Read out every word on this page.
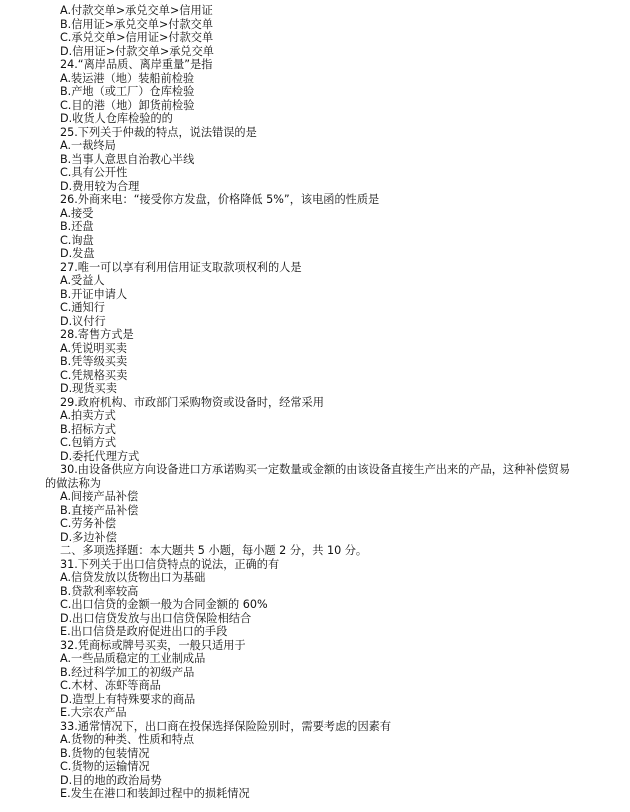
A.付款交单>承兑交单>信用证
B.信用证>承兑交单>付款交单
C.承兑交单>信用证>付款交单
D.信用证>付款交单>承兑交单
24.“离岸品质、离岸重量”是指
A.装运港（地）装船前检验
B.产地（或工厂）仓库检验
C.目的港（地）卸货前检验
D.收货人仓库检验的的
25.下列关于仲裁的特点，说法错误的是
A.一裁终局
B.当事人意思自治教心半线
C.具有公开性
D.费用较为合理
26.外商来电：“接受你方发盘，价格降低 5%”，该电函的性质是
A.接受
B.还盘
C.询盘
D.发盘
27.唯一可以享有利用信用证支取款项权利的人是
A.受益人
B.开证申请人
C.通知行
D.议付行
28.寄售方式是
A.凭说明买卖
B.凭等级买卖
C.凭规格买卖
D.现货买卖
29.政府机构、市政部门采购物资或设备时，经常采用
A.拍卖方式
B.招标方式
C.包销方式
D.委托代理方式
30.由设备供应方向设备进口方承诺购买一定数量或金额的由该设备直接生产出来的产品，这种补偿贸易
的做法称为
A.间接产品补偿
B.直接产品补偿
C.劳务补偿
D.多边补偿
二、多项选择题：本大题共 5 小题，每小题 2 分，共 10 分。
31.下列关于出口信贷特点的说法，正确的有
A.信贷发放以货物出口为基础
B.贷款利率较高
C.出口信贷的金额一般为合同金额的 60%
D.出口信贷发放与出口信贷保险相结合
E.出口信贷是政府促进出口的手段
32.凭商标或牌号买卖，一般只适用于
A.一些品质稳定的工业制成品
B.经过科学加工的初级产品
C.木材、冻虾等商品
D.造型上有特殊要求的商品
E.大宗农产品
33.通常情况下，出口商在投保选择保险险别时，需要考虑的因素有
A.货物的种类、性质和特点
B.货物的包装情况
C.货物的运输情况
D.目的地的政治局势
E.发生在港口和装卸过程中的损耗情况
